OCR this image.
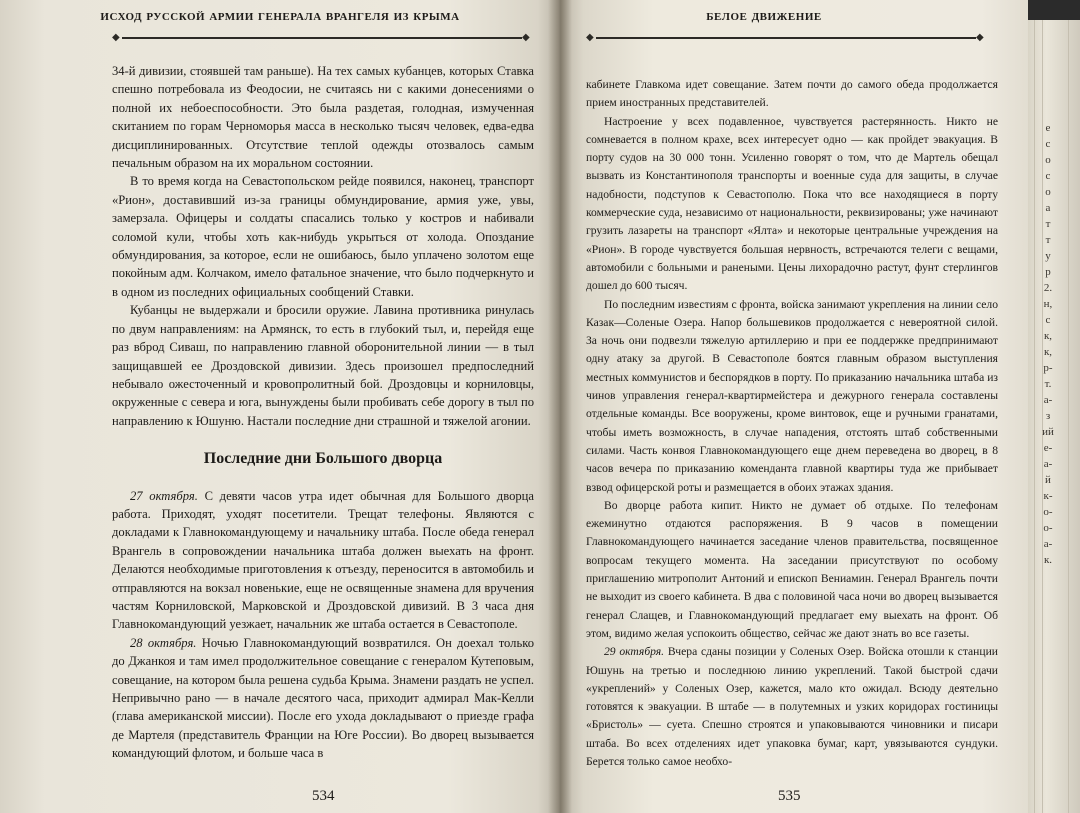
исход русской армии генерала врангеля из крыма
◆	◆

34-й дивизии, стоявшей там раньше). На тех самых кубанцев, которых Ставка спешно потребовала из Феодосии, не считаясь ни с какими донесениями о полной их небоеспособности. Это была раздетая, голодная, измученная скитанием по горам Черноморья масса в несколько тысяч человек, едва-едва дисциплинированных. Отсутствие теплой одежды отозвалось самым печальным образом на их моральном состоянии.

В то время когда на Севастопольском рейде появился, наконец, транспорт «Рион», доставивший из-за границы обмундирование, армия уже, увы, замерзала. Офицеры и солдаты спасались только у костров и набивали соломой кули, чтобы хоть как-нибудь укрыться от холода. Опоздание обмундирования, за которое, если не ошибаюсь, было уплачено золотом еще покойным адм. Колчаком, имело фатальное значение, что было подчеркнуто и в одном из последних официальных сообщений Ставки.

Кубанцы не выдержали и бросили оружие. Лавина противника ринулась по двум направлениям: на Армянск, то есть в глубокий тыл, и, перейдя еще раз вброд Сиваш, по направлению главной оборонительной линии — в тыл защищавшей ее Дроздовской дивизии. Здесь произошел предпоследний небывало ожесточенный и кровопролитный бой. Дроздовцы и корниловцы, окруженные с севера и юга, вынуждены были пробивать себе дорогу в тыл по направлению к Юшуню. Настали последние дни страшной и тяжелой агонии.

Последние дни Большого дворца

27 октября. С девяти часов утра идет обычная для Большого дворца работа. Приходят, уходят посетители. Трещат телефоны. Являются с докладами к Главнокомандующему и начальнику штаба. После обеда генерал Врангель в сопровождении начальника штаба должен выехать на фронт. Делаются необходимые приготовления к отъезду, переносится в автомобиль и отправляются на вокзал новенькие, еще не освященные знамена для вручения частям Корниловской, Марковской и Дроздовской дивизий. В 3 часа дня Главнокомандующий уезжает, начальник же штаба остается в Севастополе.

28 октября. Ночью Главнокомандующий возвратился. Он доехал только до Джанкоя и там имел продолжительное совещание с генералом Кутеповым, совещание, на котором была решена судьба Крыма. Знамени раздать не успел. Непривычно рано — в начале десятого часа, приходит адмирал Мак-Келли (глава американской миссии). После его ухода докладывают о приезде графа де Мартеля (представитель Франции на Юге России). Во дворец вызывается командующий флотом, и больше часа в

534
белое движение
◆	◆

кабинете Главкома идет совещание. Затем почти до самого обеда продолжается прием иностранных представителей.

Настроение у всех подавленное, чувствуется растерянность. Никто не сомневается в полном крахе, всех интересует одно — как пройдет эвакуация. В порту судов на 30 000 тонн. Усиленно говорят о том, что де Мартель обещал вызвать из Константинополя транспорты и военные суда для защиты, в случае надобности, подступов к Севастополю. Пока что все находящиеся в порту коммерческие суда, независимо от национальности, реквизированы; уже начинают грузить лазареты на транспорт «Ялта» и некоторые центральные учреждения на «Рион». В городе чувствуется большая нервность, встречаются телеги с вещами, автомобили с больными и ранеными. Цены лихорадочно растут, фунт стерлингов дошел до 600 тысяч.

По последним известиям с фронта, войска занимают укрепления на линии село Казак—Соленые Озера. Напор большевиков продолжается с невероятной силой. За ночь они подвезли тяжелую артиллерию и при ее поддержке предпринимают одну атаку за другой. В Севастополе боятся главным образом выступления местных коммунистов и беспорядков в порту. По приказанию начальника штаба из чинов управления генерал-квартирмейстера и дежурного генерала составлены отдельные команды. Все вооружены, кроме винтовок, еще и ручными гранатами, чтобы иметь возможность, в случае нападения, отстоять штаб собственными силами. Часть конвоя Главнокомандующего еще днем переведена во дворец, в 8 часов вечера по приказанию коменданта главной квартиры туда же прибывает взвод офицерской роты и размещается в обоих этажах здания.

Во дворце работа кипит. Никто не думает об отдыхе. По телефонам ежеминутно отдаются распоряжения. В 9 часов в помещении Главнокомандующего начинается заседание членов правительства, посвященное вопросам текущего момента. На заседании присутствуют по особому приглашению митрополит Антоний и епископ Вениамин. Генерал Врангель почти не выходит из своего кабинета. В два с половиной часа ночи во дворец вызывается генерал Слащев, и Главнокомандующий предлагает ему выехать на фронт. Об этом, видимо желая успокоить общество, сейчас же дают знать во все газеты.

29 октября. Вчера сданы позиции у Соленых Озер. Войска отошли к станции Юшунь на третью и последнюю линию укреплений. Такой быстрой сдачи «укреплений» у Соленых Озер, кажется, мало кто ожидал. Всюду деятельно готовятся к эвакуации. В штабе — в полутемных и узких коридорах гостиницы «Бристоль» — суета. Спешно строятся и упаковываются чиновники и писари штаба. Во всех отделениях идет упаковка бумаг, карт, увязываются сундуки. Берется только самое необхо-

535
е
с
о
с
о
а
т
т
у
р
2.
н,
с
к,
к,
р-
т.
а-
з
ий
е-
а-
й
к-
о-
о-
а-
к.
